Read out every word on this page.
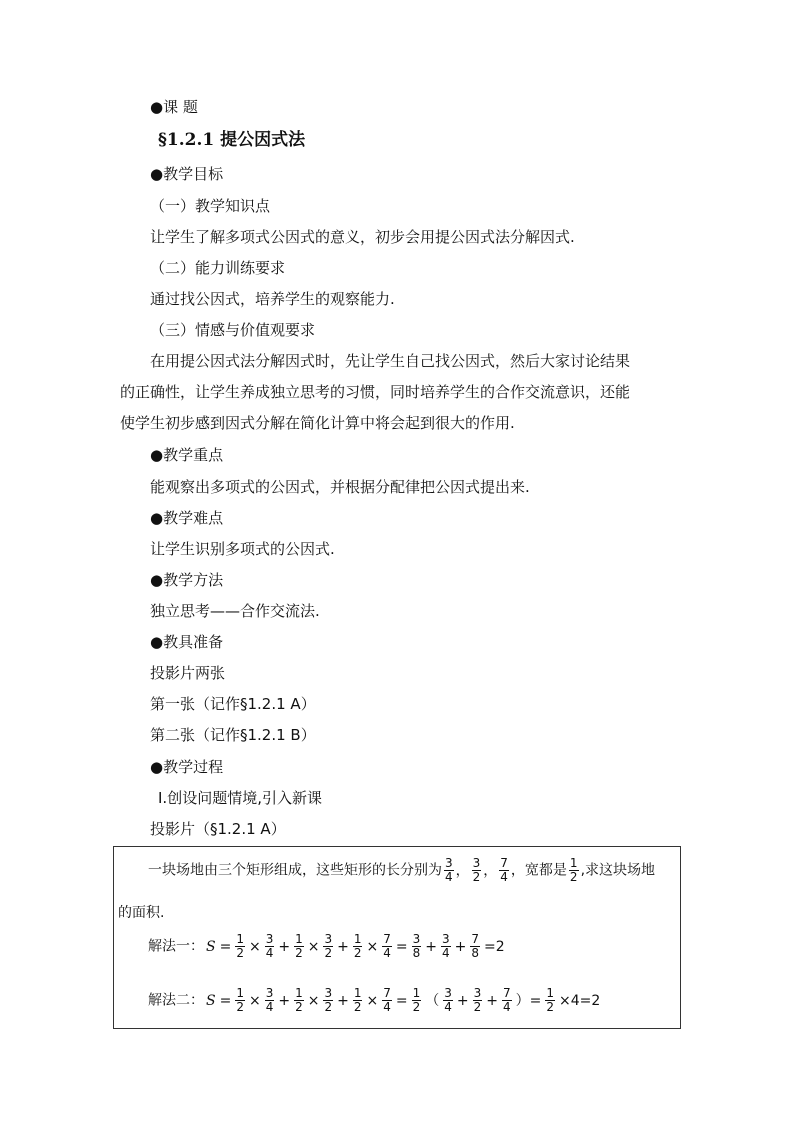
●课 题
§1.2.1 提公因式法
●教学目标
（一）教学知识点
让学生了解多项式公因式的意义，初步会用提公因式法分解因式.
（二）能力训练要求
通过找公因式，培养学生的观察能力.
（三）情感与价值观要求
在用提公因式法分解因式时，先让学生自己找公因式，然后大家讨论结果
的正确性，让学生养成独立思考的习惯，同时培养学生的合作交流意识，还能
使学生初步感到因式分解在简化计算中将会起到很大的作用.
●教学重点
能观察出多项式的公因式，并根据分配律把公因式提出来.
●教学难点
让学生识别多项式的公因式.
●教学方法
独立思考——合作交流法.
●教具准备
投影片两张
第一张（记作§1.2.1 A）
第二张（记作§1.2.1 B）
●教学过程
Ⅰ.创设问题情境,引入新课
投影片（§1.2.1 A）
一块场地由三个矩形组成，这些矩形的长分别为 $\frac{3}{4}$ ， $\frac{3}{2}$ ， $\frac{7}{4}$ ，宽都是 $\frac{1}{2}$ ,求这块场地
的面积.
解法一： $S = \frac{1}{2} \times \frac{3}{4} + \frac{1}{2} \times \frac{3}{2} + \frac{1}{2} \times \frac{7}{4} = \frac{3}{8} + \frac{3}{4} + \frac{7}{8} =2$
解法二： $S = \frac{1}{2} \times \frac{3}{4} + \frac{1}{2} \times \frac{3}{2} + \frac{1}{2} \times \frac{7}{4} = \frac{1}{2}$ （ $\frac{3}{4} + \frac{3}{2} + \frac{7}{4}$ ）= $\frac{1}{2} \times 4=2$
